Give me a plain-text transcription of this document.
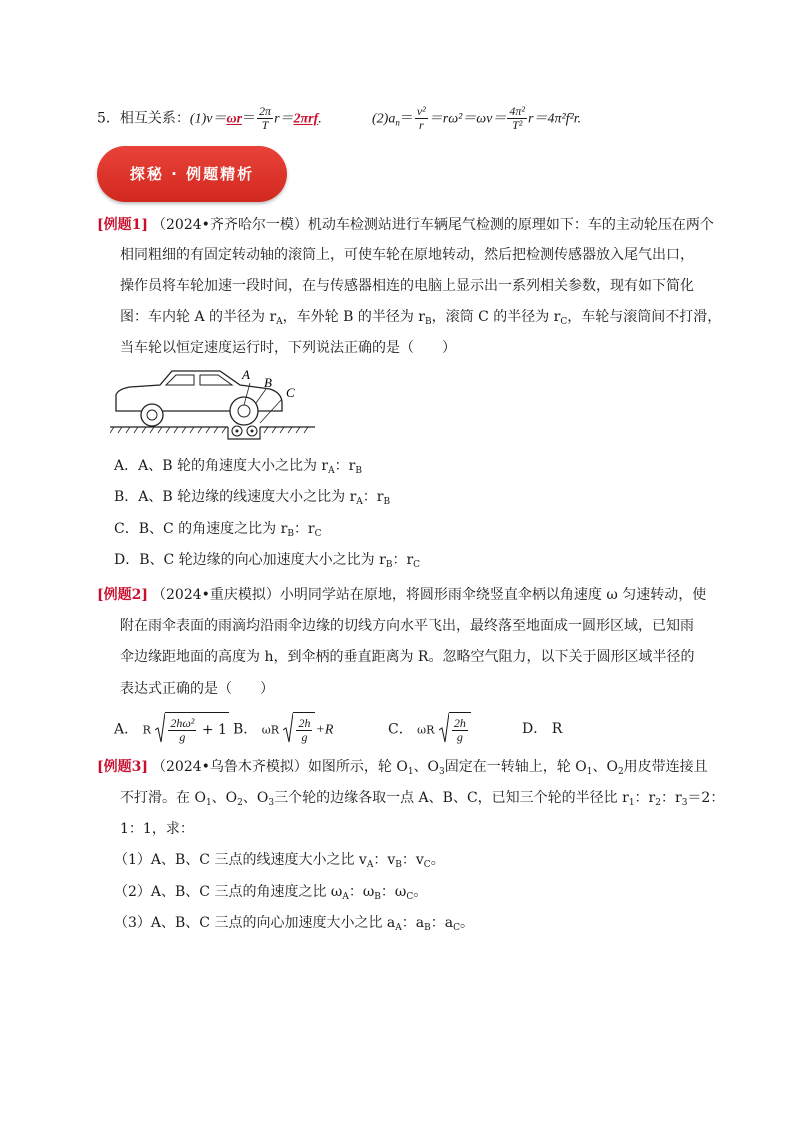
5．相互关系：$(1)v=\omega r= \frac{2\pi}{T} r=2\pi rf$.	$(2)a_n= \frac{\text{v²}}{r} =r\omega^2=\omega v= \frac{\text{4π²}}{\text{T²}} r=4\pi^2f^2r$.
探秘 · 例题精析
[例题1] （2024•齐齐哈尔一模）机动车检测站进行车辆尾气检测的原理如下：车的主动轮压在两个
相同粗细的有固定转动轴的滚筒上，可使车轮在原地转动，然后把检测传感器放入尾气出口，
操作员将车轮加速一段时间，在与传感器相连的电脑上显示出一系列相关参数，现有如下简化
图：车内轮 A 的半径为 $r_A$，车外轮 B 的半径为 $r_B$，滚筒 C 的半径为 $r_C$，车轮与滚筒间不打滑，
当车轮以恒定速度运行时，下列说法正确的是（　　）
A
B
C
A．A、B 轮的角速度大小之比为 $r_A$：$r_B$
B．A、B 轮边缘的线速度大小之比为 $r_A$：$r_B$
C．B、C 的角速度之比为 $r_B$：$r_C$
D．B、C 轮边缘的向心加速度大小之比为 $r_B$：$r_C$
[例题2] （2024•重庆模拟）小明同学站在原地，将圆形雨伞绕竖直伞柄以角速度 ω 匀速转动，使
附在雨伞表面的雨滴均沿雨伞边缘的切线方向水平飞出，最终落至地面成一圆形区域，已知雨
伞边缘距地面的高度为 h，到伞柄的垂直距离为 R。忽略空气阻力，以下关于圆形区域半径的
表达式正确的是（　　）
A． R $\frac{\text{2hω²}}{g} + 1$ B． ωR $\frac{2h}{g} +R$	C． ωR $\frac{2h}{g}$	D． R
[例题3] （2024•乌鲁木齐模拟）如图所示，轮 $O_1$、$O_3$固定在一转轴上，轮 $O_1$、$O_2$用皮带连接且
不打滑。在 $O_1$、$O_2$、$O_3$三个轮的边缘各取一点 A、B、C，已知三个轮的半径比 $r_1$：$r_2$：$r_3=2$：
1：1，求：
（1）A、B、C 三点的线速度大小之比 $v_A$：$v_B$：$v_C$。
（2）A、B、C 三点的角速度之比 $\omega_A$：$\omega_B$：$\omega_C$。
（3）A、B、C 三点的向心加速度大小之比 $a_A$：$a_B$：$a_C$。
